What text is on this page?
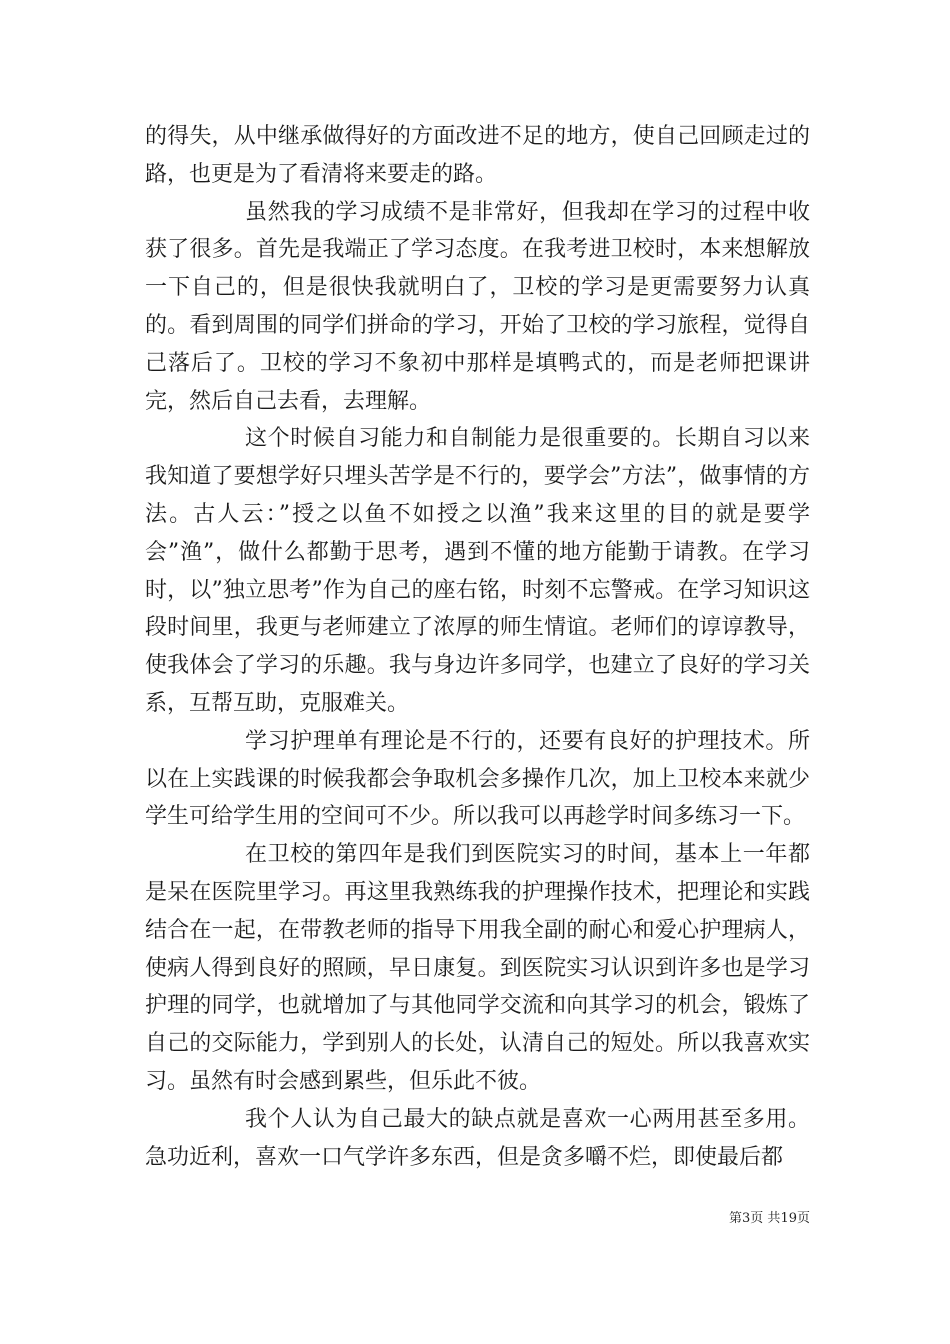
的得失，从中继承做得好的方面改进不足的地方，使自己回顾走过的路，也更是为了看清将来要走的路。

虽然我的学习成绩不是非常好，但我却在学习的过程中收获了很多。首先是我端正了学习态度。在我考进卫校时，本来想解放一下自己的，但是很快我就明白了，卫校的学习是更需要努力认真的。看到周围的同学们拼命的学习，开始了卫校的学习旅程，觉得自己落后了。卫校的学习不象初中那样是填鸭式的，而是老师把课讲完，然后自己去看，去理解。

这个时候自习能力和自制能力是很重要的。长期自习以来我知道了要想学好只埋头苦学是不行的，要学会”方法”，做事情的方法。古人云：”授之以鱼不如授之以渔”我来这里的目的就是要学会”渔”，做什么都勤于思考，遇到不懂的地方能勤于请教。在学习时，以”独立思考”作为自己的座右铭，时刻不忘警戒。在学习知识这段时间里，我更与老师建立了浓厚的师生情谊。老师们的谆谆教导，使我体会了学习的乐趣。我与身边许多同学，也建立了良好的学习关系，互帮互助，克服难关。

学习护理单有理论是不行的，还要有良好的护理技术。所以在上实践课的时候我都会争取机会多操作几次，加上卫校本来就少学生可给学生用的空间可不少。所以我可以再趁学时间多练习一下。

在卫校的第四年是我们到医院实习的时间，基本上一年都是呆在医院里学习。再这里我熟练我的护理操作技术，把理论和实践结合在一起，在带教老师的指导下用我全副的耐心和爱心护理病人，使病人得到良好的照顾，早日康复。到医院实习认识到许多也是学习护理的同学，也就增加了与其他同学交流和向其学习的机会，锻炼了自己的交际能力，学到别人的长处，认清自己的短处。所以我喜欢实习。虽然有时会感到累些，但乐此不彼。

我个人认为自己最大的缺点就是喜欢一心两用甚至多用。急功近利，喜欢一口气学许多东西，但是贪多嚼不烂，即使最后都

第3页 共19页
